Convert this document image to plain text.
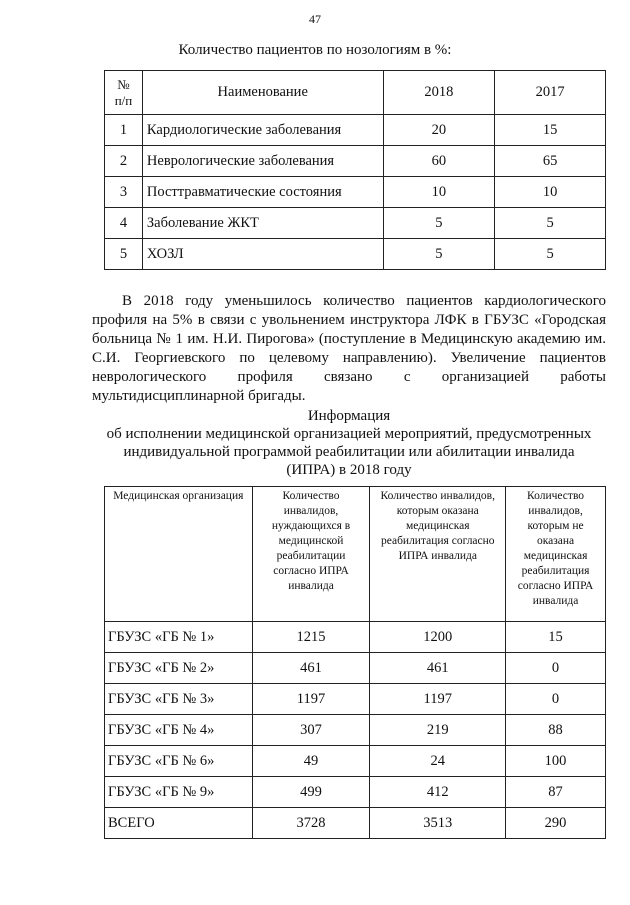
47
Количество пациентов по нозологиям в %:
№
п/п	Наименование	2018	2017
1	Кардиологические заболевания	20	15
2	Неврологические заболевания	60	65
3	Посттравматические состояния	10	10
4	Заболевание ЖКТ	5	5
5	ХОЗЛ	5	5

В 2018 году уменьшилось количество пациентов кардиологического профиля на 5% в связи с увольнением инструктора ЛФК в ГБУЗС «Городская больница № 1 им. Н.И. Пирогова» (поступление в Медицинскую академию им. С.И. Георгиевского по целевому направлению). Увеличение пациентов неврологического профиля связано с организацией работы мультидисциплинарной бригады.

Информация
об исполнении медицинской организацией мероприятий, предусмотренных
индивидуальной программой реабилитации или абилитации инвалида
(ИПРА) в 2018 году
Медицинская организация	Количество инвалидов, нуждающихся в медицинской реабилитации согласно ИПРА инвалида	Количество инвалидов, которым оказана медицинская реабилитация согласно ИПРА инвалида	Количество инвалидов, которым не оказана медицинская реабилитация согласно ИПРА инвалида
ГБУЗС «ГБ № 1»	1215	1200	15
ГБУЗС «ГБ № 2»	461	461	0
ГБУЗС «ГБ № 3»	1197	1197	0
ГБУЗС «ГБ № 4»	307	219	88
ГБУЗС «ГБ № 6»	49	24	100
ГБУЗС «ГБ № 9»	499	412	87
ВСЕГО	3728	3513	290
